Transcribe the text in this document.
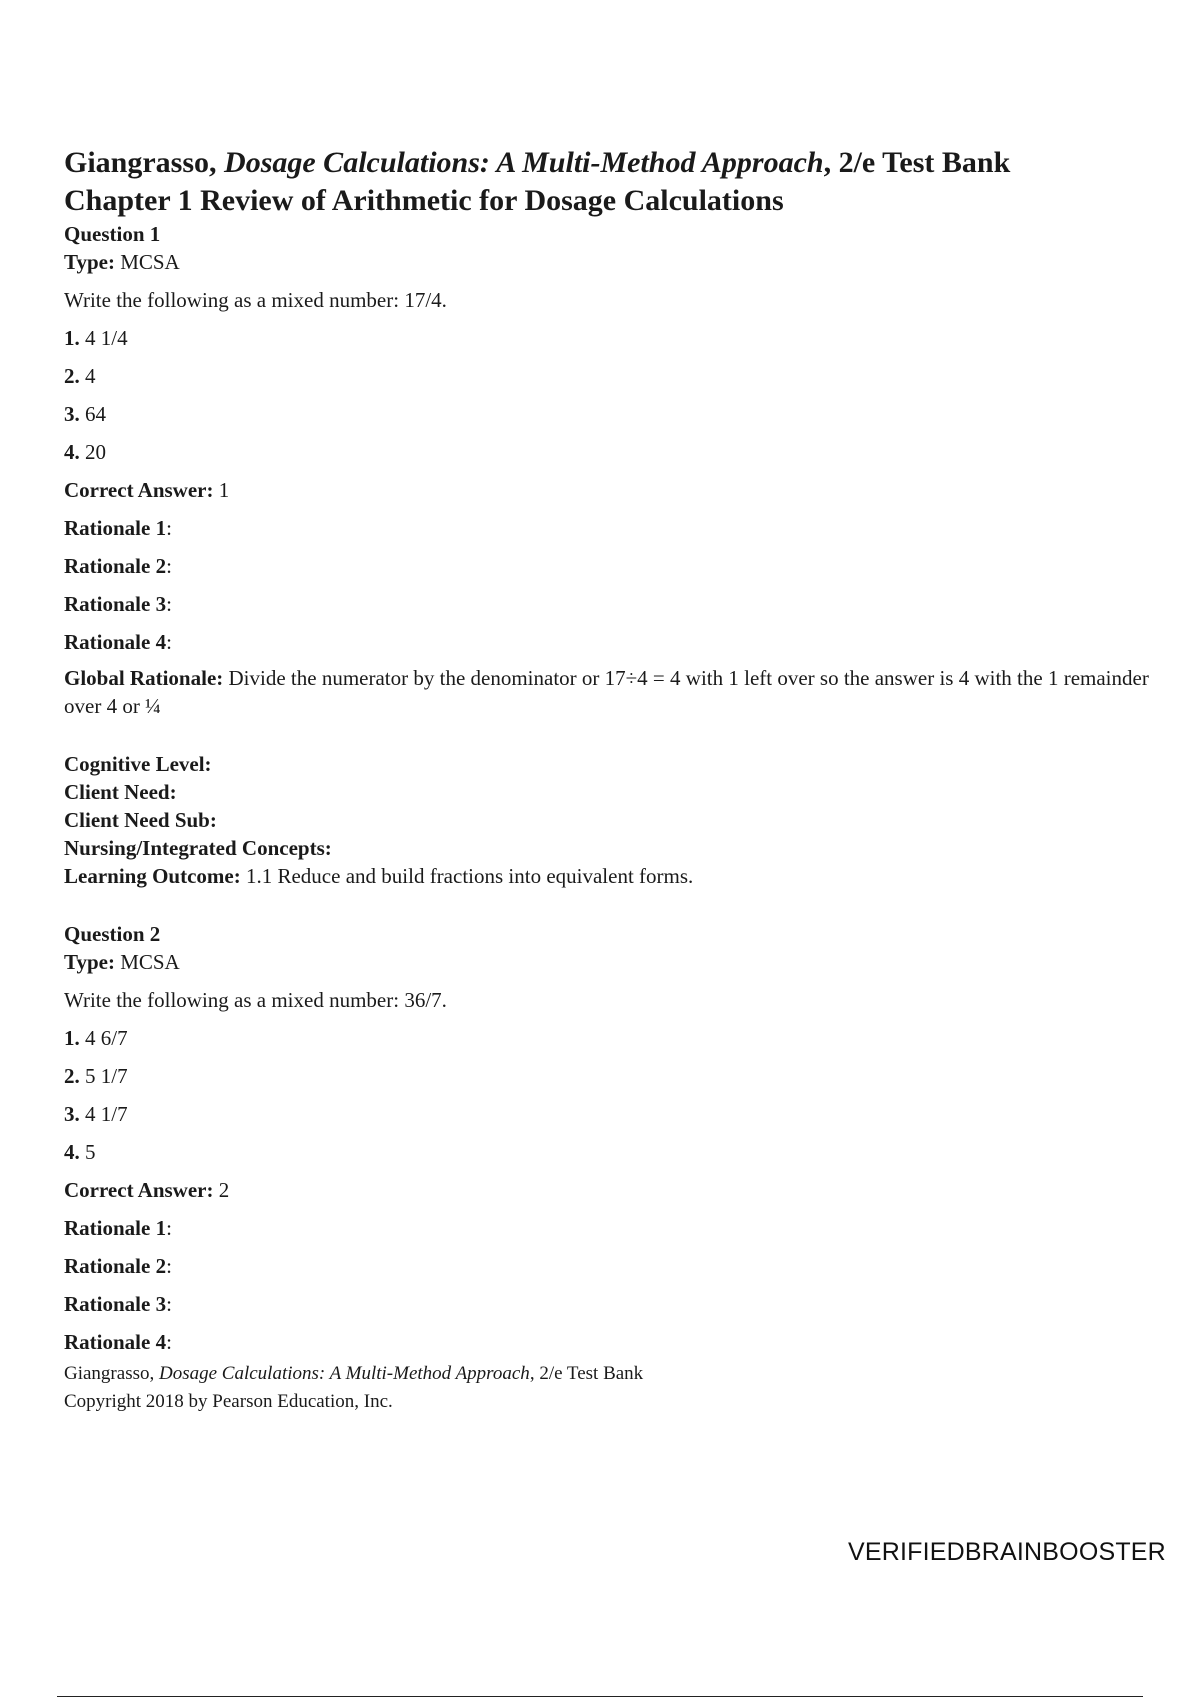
Giangrasso, Dosage Calculations: A Multi-Method Approach, 2/e Test Bank
Chapter 1 Review of Arithmetic for Dosage Calculations
Question 1
Type: MCSA
Write the following as a mixed number: 17/4.
1. 4 1/4
2. 4
3. 64
4. 20
Correct Answer: 1
Rationale 1:
Rationale 2:
Rationale 3:
Rationale 4:
Global Rationale: Divide the numerator by the denominator or 17÷4 = 4 with 1 left over so the answer is 4 with the 1 remainder over 4 or ¼
Cognitive Level:
Client Need:
Client Need Sub:
Nursing/Integrated Concepts:
Learning Outcome: 1.1 Reduce and build fractions into equivalent forms.
Question 2
Type: MCSA
Write the following as a mixed number: 36/7.
1. 4 6/7
2. 5 1/7
3. 4 1/7
4. 5
Correct Answer: 2
Rationale 1:
Rationale 2:
Rationale 3:
Rationale 4:
Giangrasso, Dosage Calculations: A Multi-Method Approach, 2/e Test Bank
Copyright 2018 by Pearson Education, Inc.
VERIFIEDBRAINBOOSTER
